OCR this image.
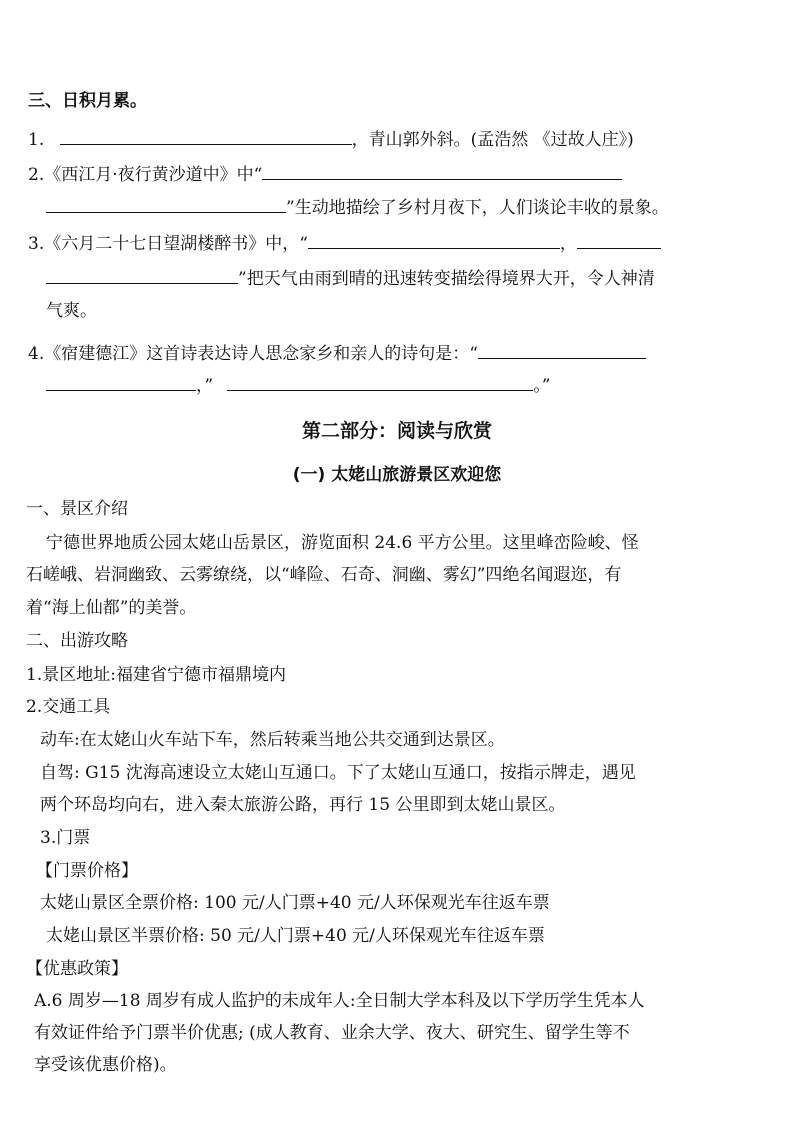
三、日积月累。
1.	，青山郭外斜。(孟浩然 《过故人庄》)
2.《西江月·夜行黄沙道中》中“
”生动地描绘了乡村月夜下，人们谈论丰收的景象。
3.《六月二十七日望湖楼醉书》中，“	，
”把天气由雨到晴的迅速转变描绘得境界大开，令人神清
气爽。
4.《宿建德江》这首诗表达诗人思念家乡和亲人的诗句是：“
，”	。”
第二部分：阅读与欣赏
(一) 太姥山旅游景区欢迎您
一、景区介绍
宁德世界地质公园太姥山岳景区，游览面积 24.6 平方公里。这里峰峦险峻、怪
石嵯峨、岩洞幽致、云雾缭绕，以“峰险、石奇、洞幽、雾幻”四绝名闻遐迩，有
着“海上仙都”的美誉。
二、出游攻略
1.景区地址:福建省宁德市福鼎境内
2.交通工具
动车:在太姥山火车站下车，然后转乘当地公共交通到达景区。
自驾: G15 沈海高速设立太姥山互通口。下了太姥山互通口，按指示牌走，遇见
两个环岛均向右，进入秦太旅游公路，再行 15 公里即到太姥山景区。
3.门票
【门票价格】
太姥山景区全票价格: 100 元/人门票+40 元/人环保观光车往返车票
太姥山景区半票价格: 50 元/人门票+40 元/人环保观光车往返车票
【优惠政策】
A.6 周岁—18 周岁有成人监护的未成年人:全日制大学本科及以下学历学生凭本人
有效证件给予门票半价优惠; (成人教育、业余大学、夜大、研究生、留学生等不
享受该优惠价格)。
